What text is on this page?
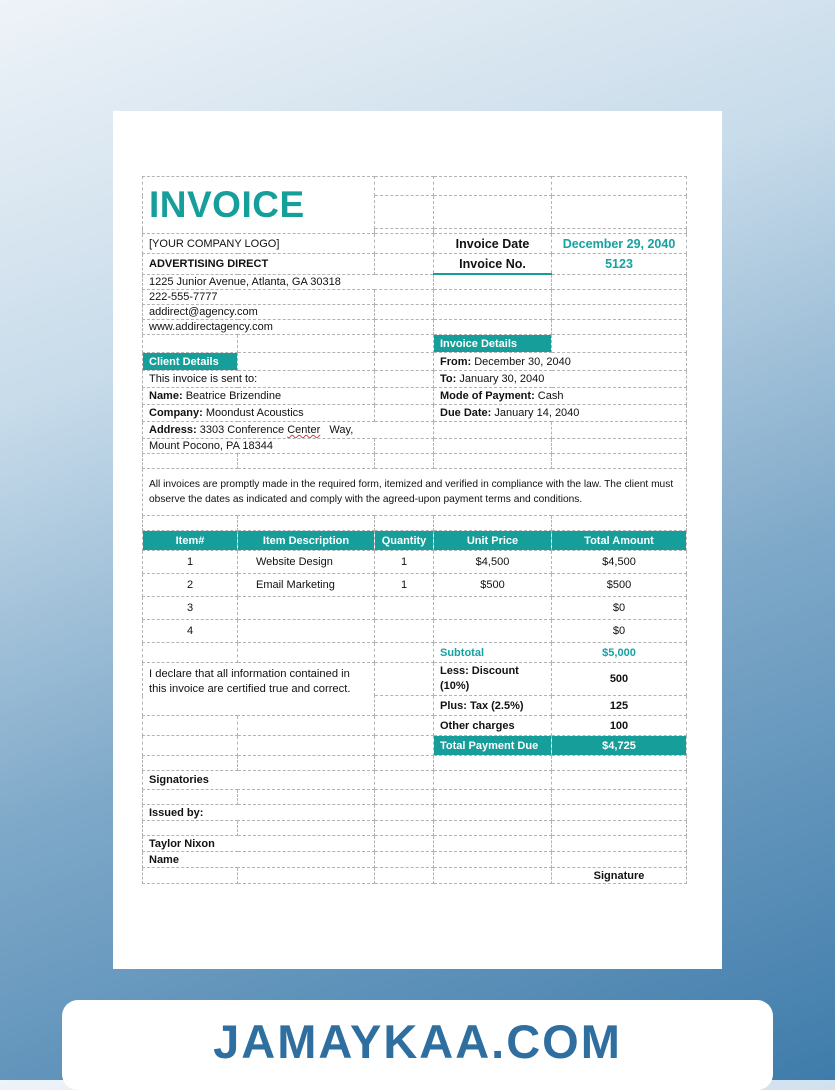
INVOICE				

[YOUR COMPANY LOGO]			Invoice Date	December 29, 2040
ADVERTISING DIRECT			Invoice No.	5123
1225 Junior Avenue, Atlanta, GA 30318				
222-555-7777				
addirect@agency.com				
www.addirectagency.com				
			Invoice Details	
Client Details			From: December 30, 2040	
This invoice is sent to:			To: January 30, 2040	
Name: Beatrice Brizendine			Mode of Payment: Cash	
Company: Moondust Acoustics			Due Date: January 14, 2040	
Address: 3303 Conference Center Way,				
Mount Pocono, PA 18344				

All invoices are promptly made in the required form, itemized and verified in compliance with the law. The client must observe the dates as indicated and comply with the agreed-upon payment terms and conditions.				

Item#	Item Description	Quantity	Unit Price	Total Amount
1	Website Design	1	$4,500	$4,500
2	Email Marketing	1	$500	$500
3				$0
4				$0
			Subtotal	$5,000
I declare that all information contained in this invoice are certified true and correct.			Less: Discount (10%)	500
			Plus: Tax (2.5%)	125
			Other charges	100
			Total Payment Due	$4,725

Signatories				

Issued by:				

Taylor Nixon				
Name				
				Signature
JAMAYKAA.COM
